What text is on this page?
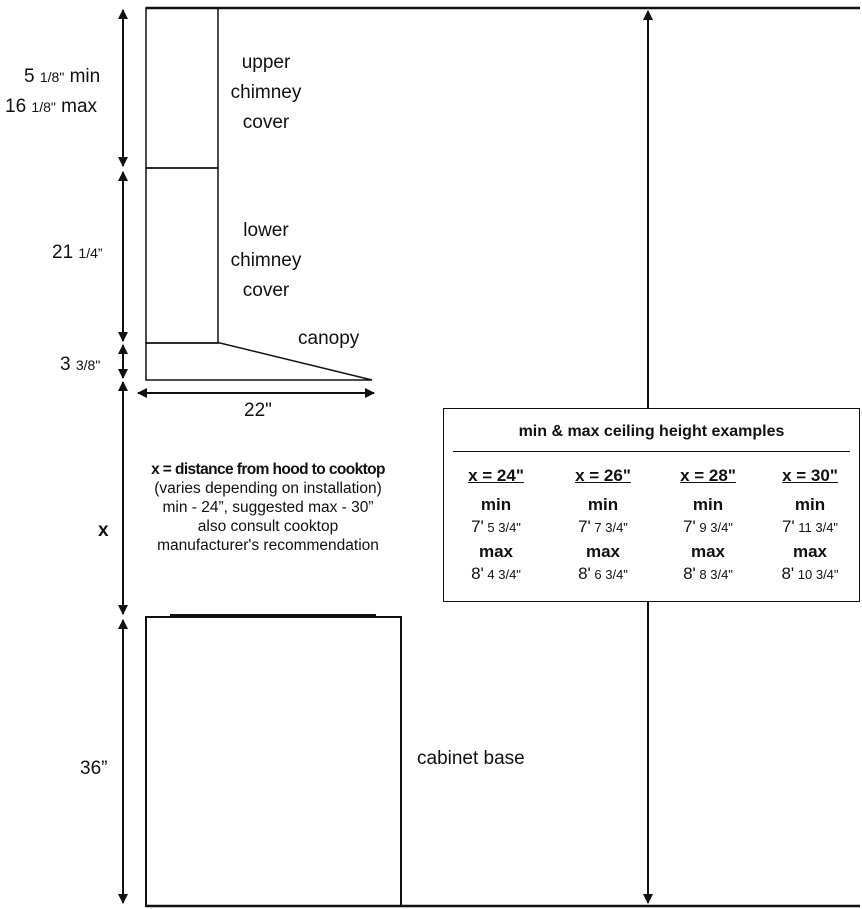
upper
chimney
cover
lower
chimney
cover
canopy
cabinet base
5 1/8" min
16 1/8" max
21 1/4”
3 3/8"
22"
x
36”
x = distance from hood to cooktop
(varies depending on installation)
min - 24”, suggested max - 30”
also consult cooktop
manufacturer's recommendation
min & max ceiling height examples
x = 24"
min
7' 5 3/4"
max
8' 4 3/4"
x = 26"
min
7' 7 3/4"
max
8' 6 3/4"
x = 28"
min
7' 9 3/4"
max
8' 8 3/4"
x = 30"
min
7' 11 3/4"
max
8' 10 3/4"
